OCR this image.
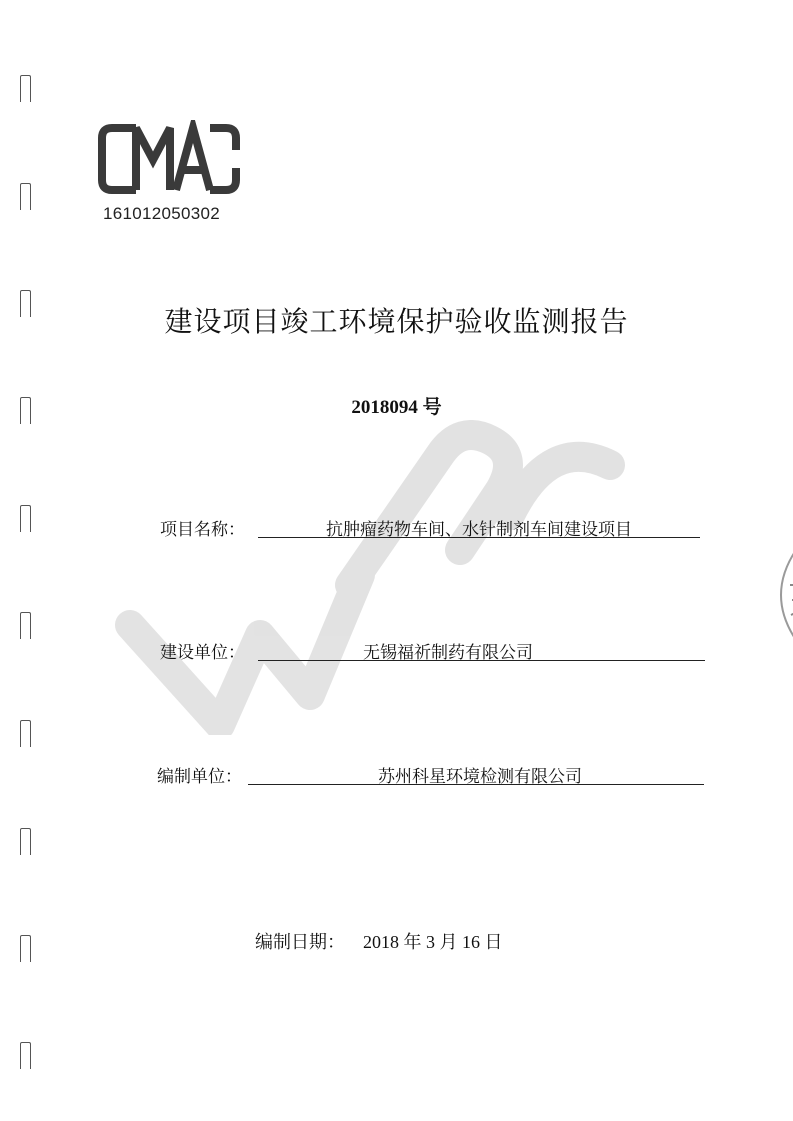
161012050302
建设项目竣工环境保护验收监测报告
2018094 号
项目名称：	抗肿瘤药物车间、水针制剂车间建设项目
建设单位：	无锡福祈制药有限公司
编制单位：	苏州科星环境检测有限公司
编制日期： 2018 年 3 月 16 日
